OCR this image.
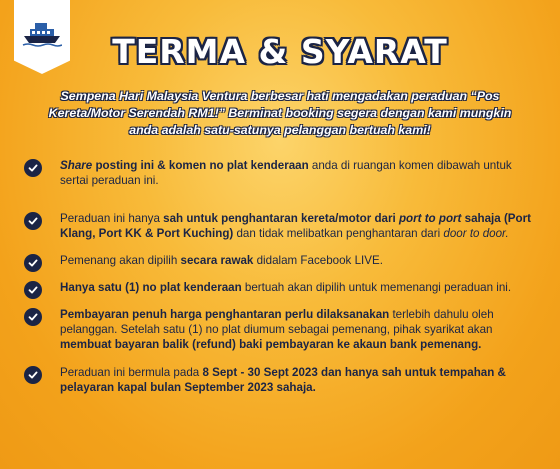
TERMA & SYARAT
Sempena Hari Malaysia Ventura berbesar hati mengadakan peraduan “Pos Kereta/Motor Serendah RM1!” Berminat booking segera dengan kami mungkin anda adalah satu-satunya pelanggan bertuah kami!
Share posting ini & komen no plat kenderaan anda di ruangan komen dibawah untuk sertai peraduan ini.
Peraduan ini hanya sah untuk penghantaran kereta/motor dari port to port sahaja (Port Klang, Port KK & Port Kuching) dan tidak melibatkan penghantaran dari door to door.
Pemenang akan dipilih secara rawak didalam Facebook LIVE.
Hanya satu (1) no plat kenderaan bertuah akan dipilih untuk memenangi peraduan ini.
Pembayaran penuh harga penghantaran perlu dilaksanakan terlebih dahulu oleh pelanggan. Setelah satu (1) no plat diumum sebagai pemenang, pihak syarikat akan membuat bayaran balik (refund) baki pembayaran ke akaun bank pemenang.
Peraduan ini bermula pada 8 Sept - 30 Sept 2023 dan hanya sah untuk tempahan & pelayaran kapal bulan September 2023 sahaja.
